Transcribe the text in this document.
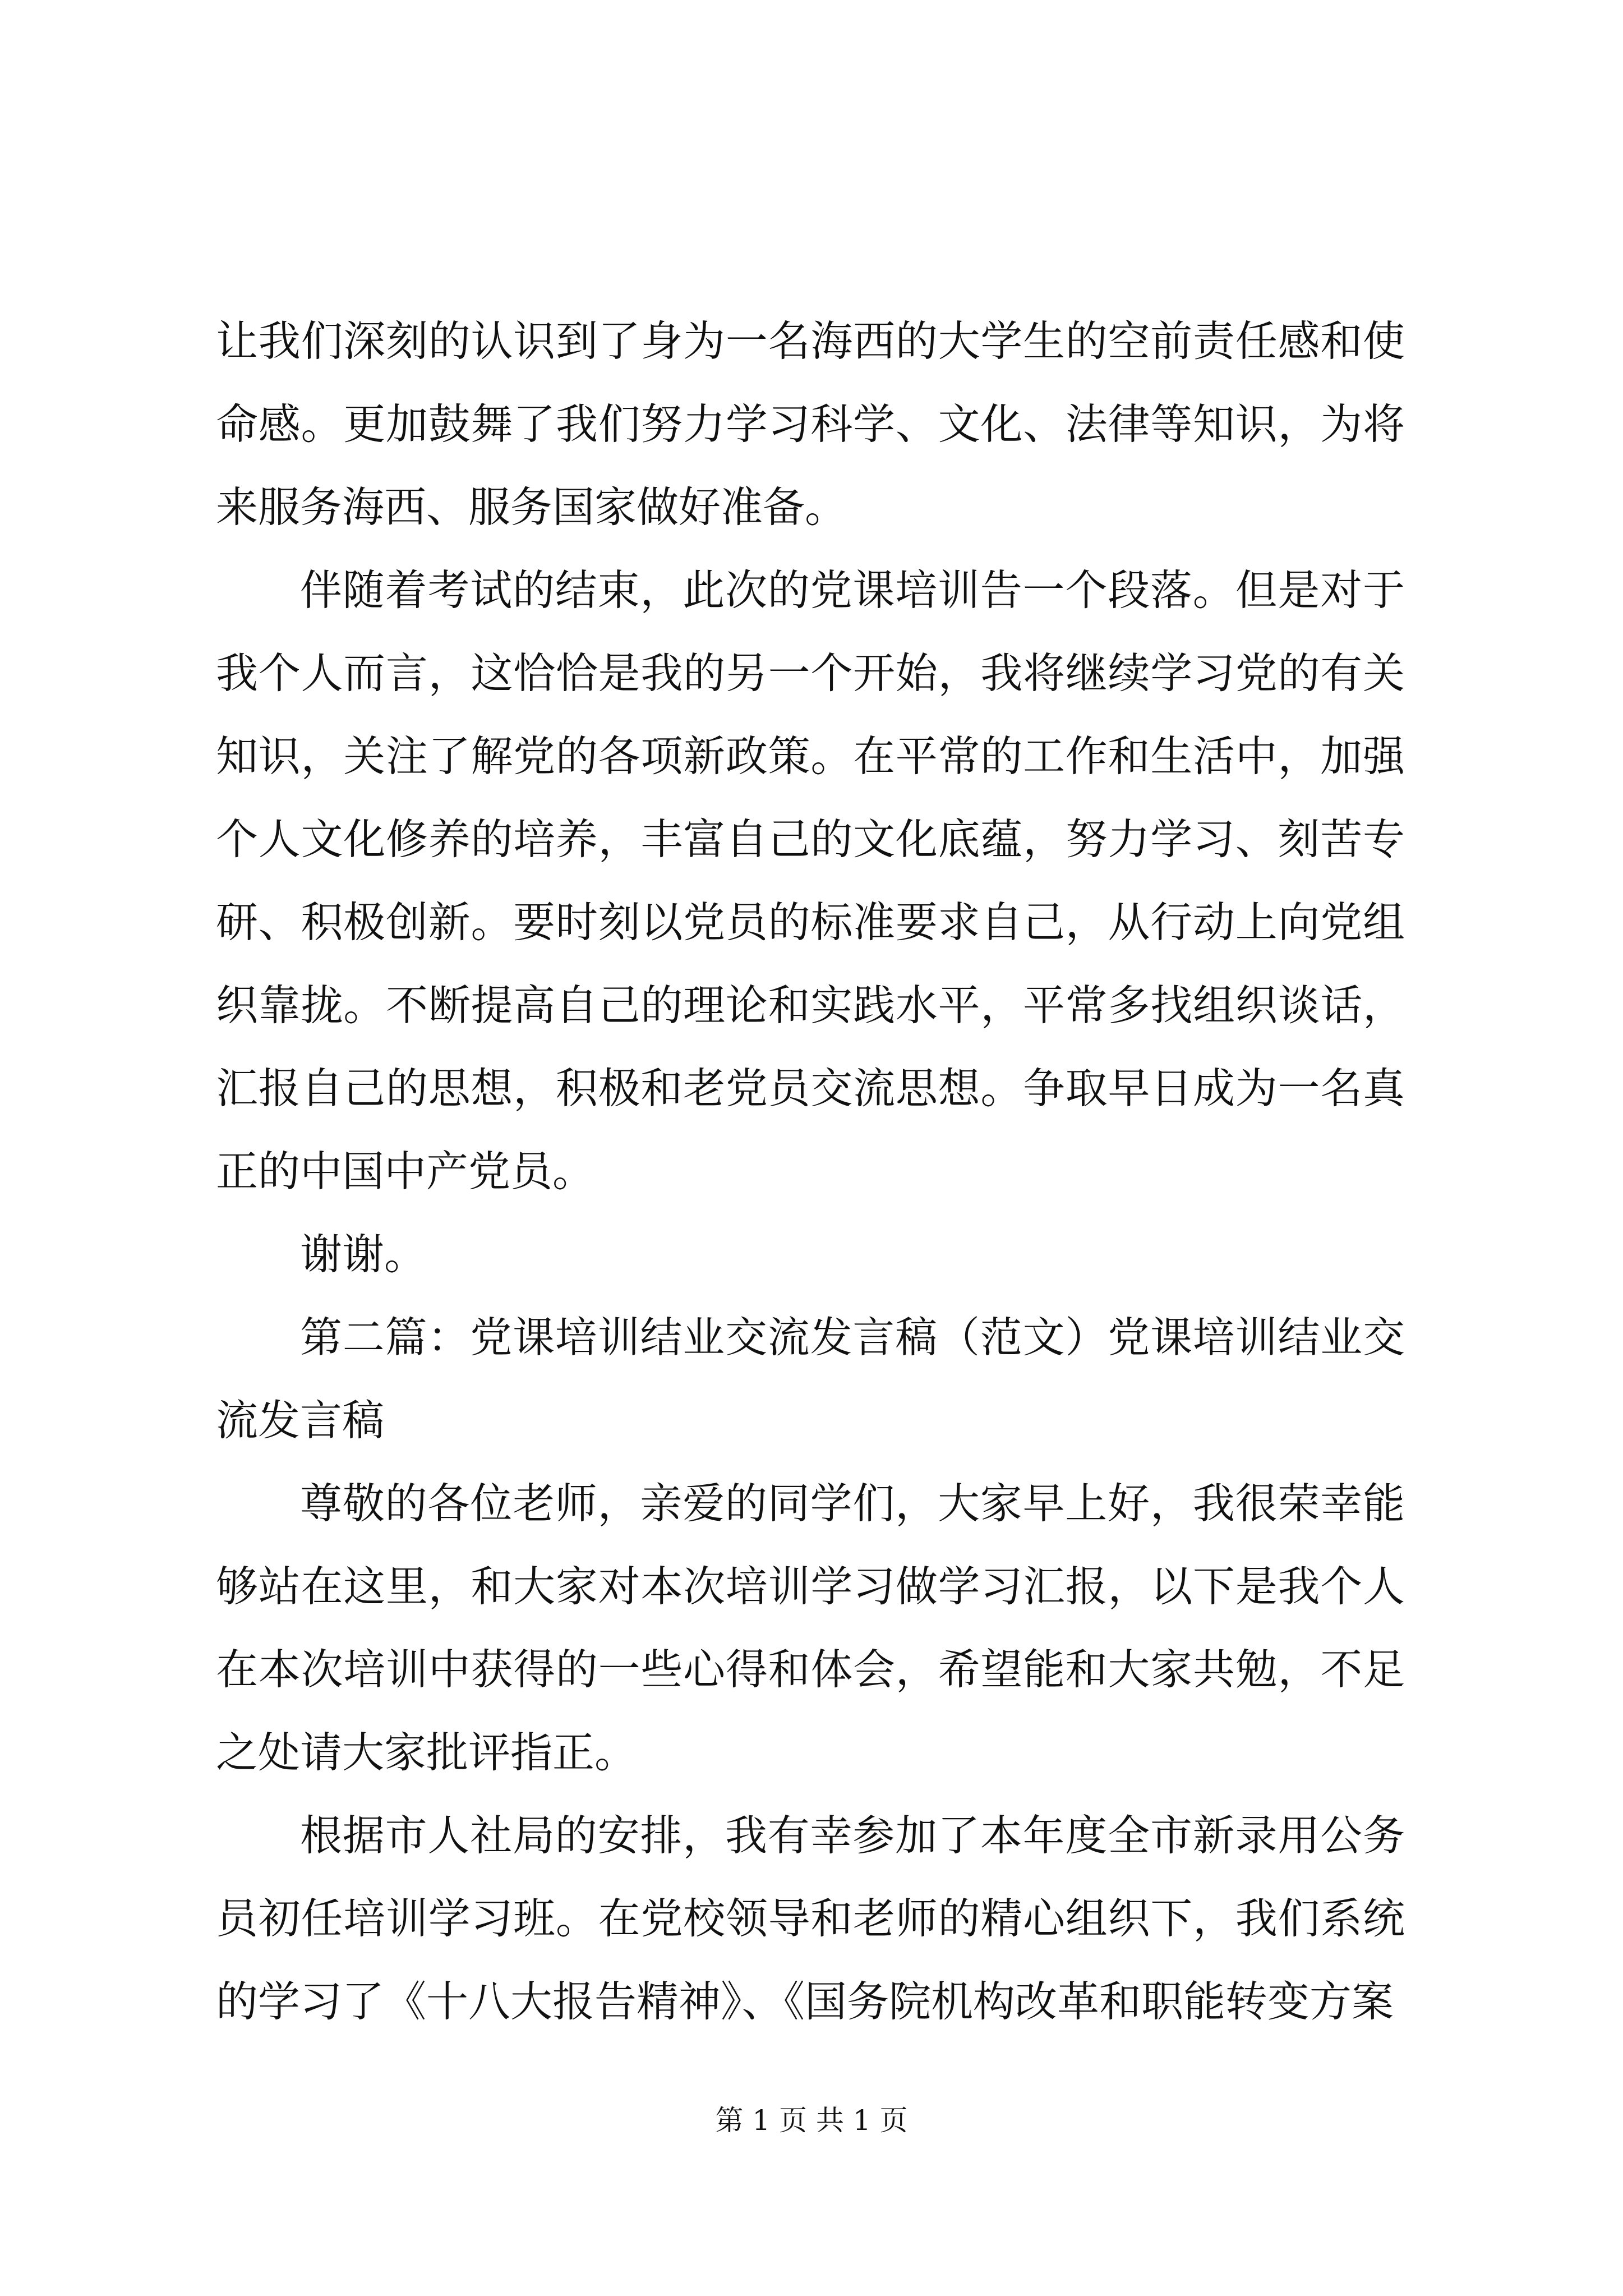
让我们深刻的认识到了身为一名海西的大学生的空前责任感和使命感。更加鼓舞了我们努力学习科学、文化、法律等知识，为将来服务海西、服务国家做好准备。

伴随着考试的结束，此次的党课培训告一个段落。但是对于我个人而言，这恰恰是我的另一个开始，我将继续学习党的有关知识，关注了解党的各项新政策。在平常的工作和生活中，加强个人文化修养的培养，丰富自己的文化底蕴，努力学习、刻苦专研、积极创新。要时刻以党员的标准要求自己，从行动上向党组织靠拢。不断提高自己的理论和实践水平，平常多找组织谈话，汇报自己的思想，积极和老党员交流思想。争取早日成为一名真正的中国中产党员。

谢谢。

第二篇：党课培训结业交流发言稿（范文）党课培训结业交流发言稿

尊敬的各位老师，亲爱的同学们，大家早上好，我很荣幸能够站在这里，和大家对本次培训学习做学习汇报，以下是我个人在本次培训中获得的一些心得和体会，希望能和大家共勉，不足之处请大家批评指正。

根据市人社局的安排，我有幸参加了本年度全市新录用公务员初任培训学习班。在党校领导和老师的精心组织下，我们系统的学习了《十八大报告精神》、《国务院机构改革和职能转变方案

第 1 页 共 1 页
